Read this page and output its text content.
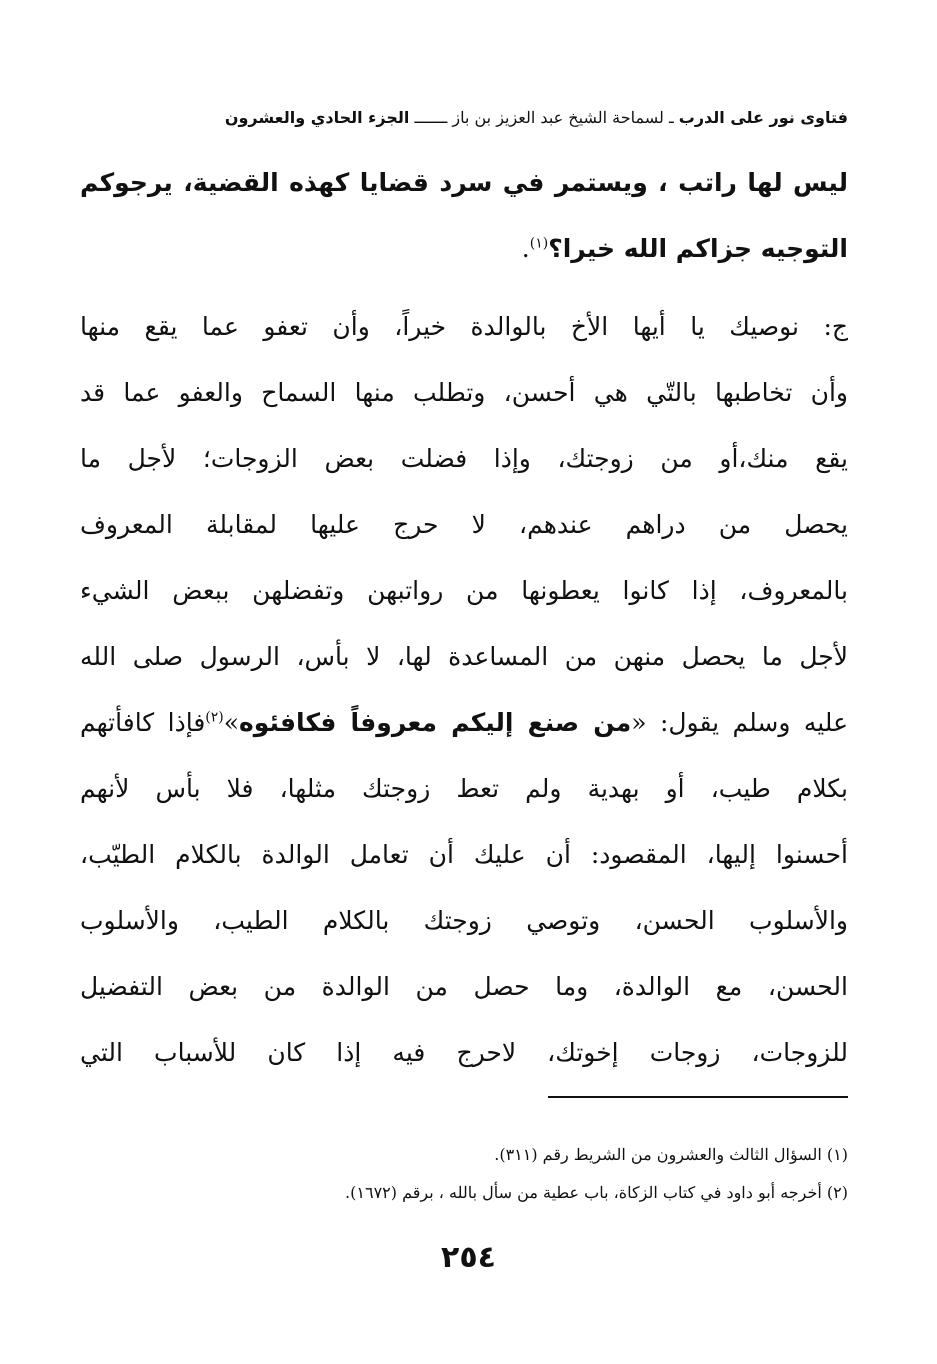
فتاوى نور على الدرب ـ لسماحة الشيخ عبد العزيز بن باز ـــــــ الجزء الحادي والعشرون
ليس لها راتب ، ويستمر في سرد قضايا كهذه القضية، يرجوكم
التوجيه جزاكم الله خيرا؟$^{(١)}$.
ج: نوصيك يا أيها الأخ بالوالدة خيراً، وأن تعفو عما يقع منها
وأن تخاطبها بالتّي هي أحسن، وتطلب منها السماح والعفو عما قد
يقع منك،أو من زوجتك، وإذا فضلت بعض الزوجات؛ لأجل ما
يحصل من دراهم عندهم، لا حرج عليها لمقابلة المعروف
بالمعروف، إذا كانوا يعطونها من رواتبهن وتفضلهن ببعض الشيء
لأجل ما يحصل منهن من المساعدة لها، لا بأس، الرسول صلى الله
عليه وسلم يقول: «من صنع إليكم معروفاً فكافئوه»$^{(٢)}$فإذا كافأتهم
بكلام طيب، أو بهدية ولم تعط زوجتك مثلها، فلا بأس لأنهم
أحسنوا إليها، المقصود: أن عليك أن تعامل الوالدة بالكلام الطيّب،
والأسلوب الحسن، وتوصي زوجتك بالكلام الطيب، والأسلوب
الحسن، مع الوالدة، وما حصل من الوالدة من بعض التفضيل
للزوجات، زوجات إخوتك، لاحرج فيه إذا كان للأسباب التي
(١) السؤال الثالث والعشرون من الشريط رقم (٣١١).
(٢) أخرجه أبو داود في كتاب الزكاة، باب عطية من سأل بالله ، برقم (١٦٧٢).
٢٥٤
